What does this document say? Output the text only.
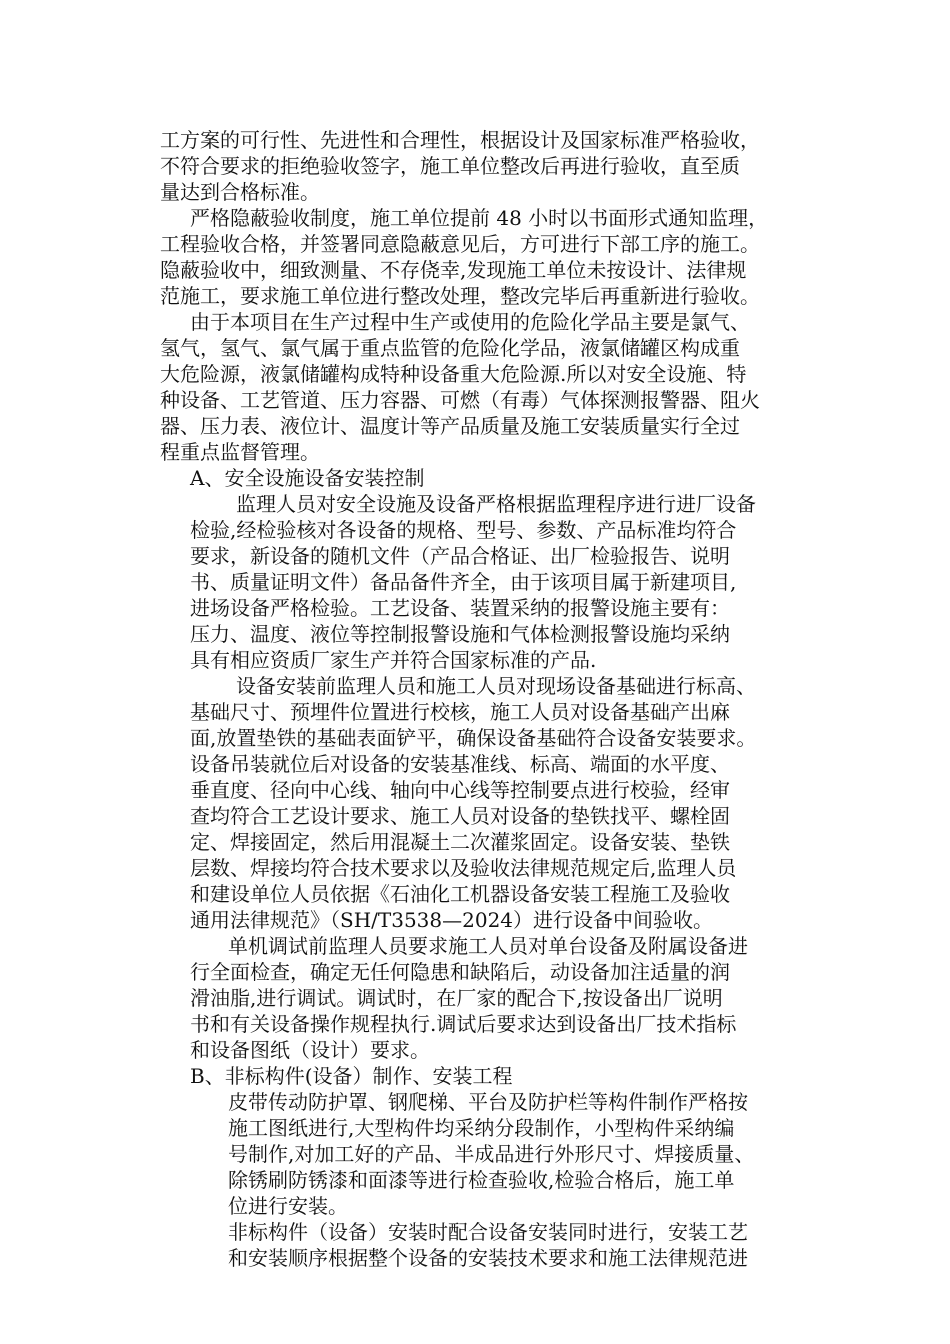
工方案的可行性、先进性和合理性，根据设计及国家标准严格验收，
不符合要求的拒绝验收签字，施工单位整改后再进行验收，直至质
量达到合格标准。
严格隐蔽验收制度，施工单位提前 48 小时以书面形式通知监理，
工程验收合格，并签署同意隐蔽意见后，方可进行下部工序的施工。
隐蔽验收中，细致测量、不存侥幸,发现施工单位未按设计、法律规
范施工，要求施工单位进行整改处理，整改完毕后再重新进行验收。
由于本项目在生产过程中生产或使用的危险化学品主要是氯气、
氢气，氢气、氯气属于重点监管的危险化学品，液氯储罐区构成重
大危险源，液氯储罐构成特种设备重大危险源.所以对安全设施、特
种设备、工艺管道、压力容器、可燃（有毒）气体探测报警器、阻火
器、压力表、液位计、温度计等产品质量及施工安装质量实行全过
程重点监督管理。
A、安全设施设备安装控制
监理人员对安全设施及设备严格根据监理程序进行进厂设备
检验,经检验核对各设备的规格、型号、参数、产品标准均符合
要求，新设备的随机文件（产品合格证、出厂检验报告、说明
书、质量证明文件）备品备件齐全，由于该项目属于新建项目,
进场设备严格检验。工艺设备、装置采纳的报警设施主要有：
压力、温度、液位等控制报警设施和气体检测报警设施均采纳
具有相应资质厂家生产并符合国家标准的产品.
设备安装前监理人员和施工人员对现场设备基础进行标高、
基础尺寸、预埋件位置进行校核，施工人员对设备基础产出麻
面,放置垫铁的基础表面铲平，确保设备基础符合设备安装要求。
设备吊装就位后对设备的安装基准线、标高、端面的水平度、
垂直度、径向中心线、轴向中心线等控制要点进行校验，经审
查均符合工艺设计要求、施工人员对设备的垫铁找平、螺栓固
定、焊接固定，然后用混凝土二次灌浆固定。设备安装、垫铁
层数、焊接均符合技术要求以及验收法律规范规定后,监理人员
和建设单位人员依据《石油化工机器设备安装工程施工及验收
通用法律规范》（SH/T3538—2024）进行设备中间验收。
单机调试前监理人员要求施工人员对单台设备及附属设备进
行全面检查，确定无任何隐患和缺陷后，动设备加注适量的润
滑油脂,进行调试。调试时，在厂家的配合下,按设备出厂说明
书和有关设备操作规程执行.调试后要求达到设备出厂技术指标
和设备图纸（设计）要求。
B、非标构件(设备）制作、安装工程
皮带传动防护罩、钢爬梯、平台及防护栏等构件制作严格按
施工图纸进行,大型构件均采纳分段制作，小型构件采纳编
号制作,对加工好的产品、半成品进行外形尺寸、焊接质量、
除锈刷防锈漆和面漆等进行检查验收,检验合格后，施工单
位进行安装。
非标构件（设备）安装时配合设备安装同时进行，安装工艺
和安装顺序根据整个设备的安装技术要求和施工法律规范进
